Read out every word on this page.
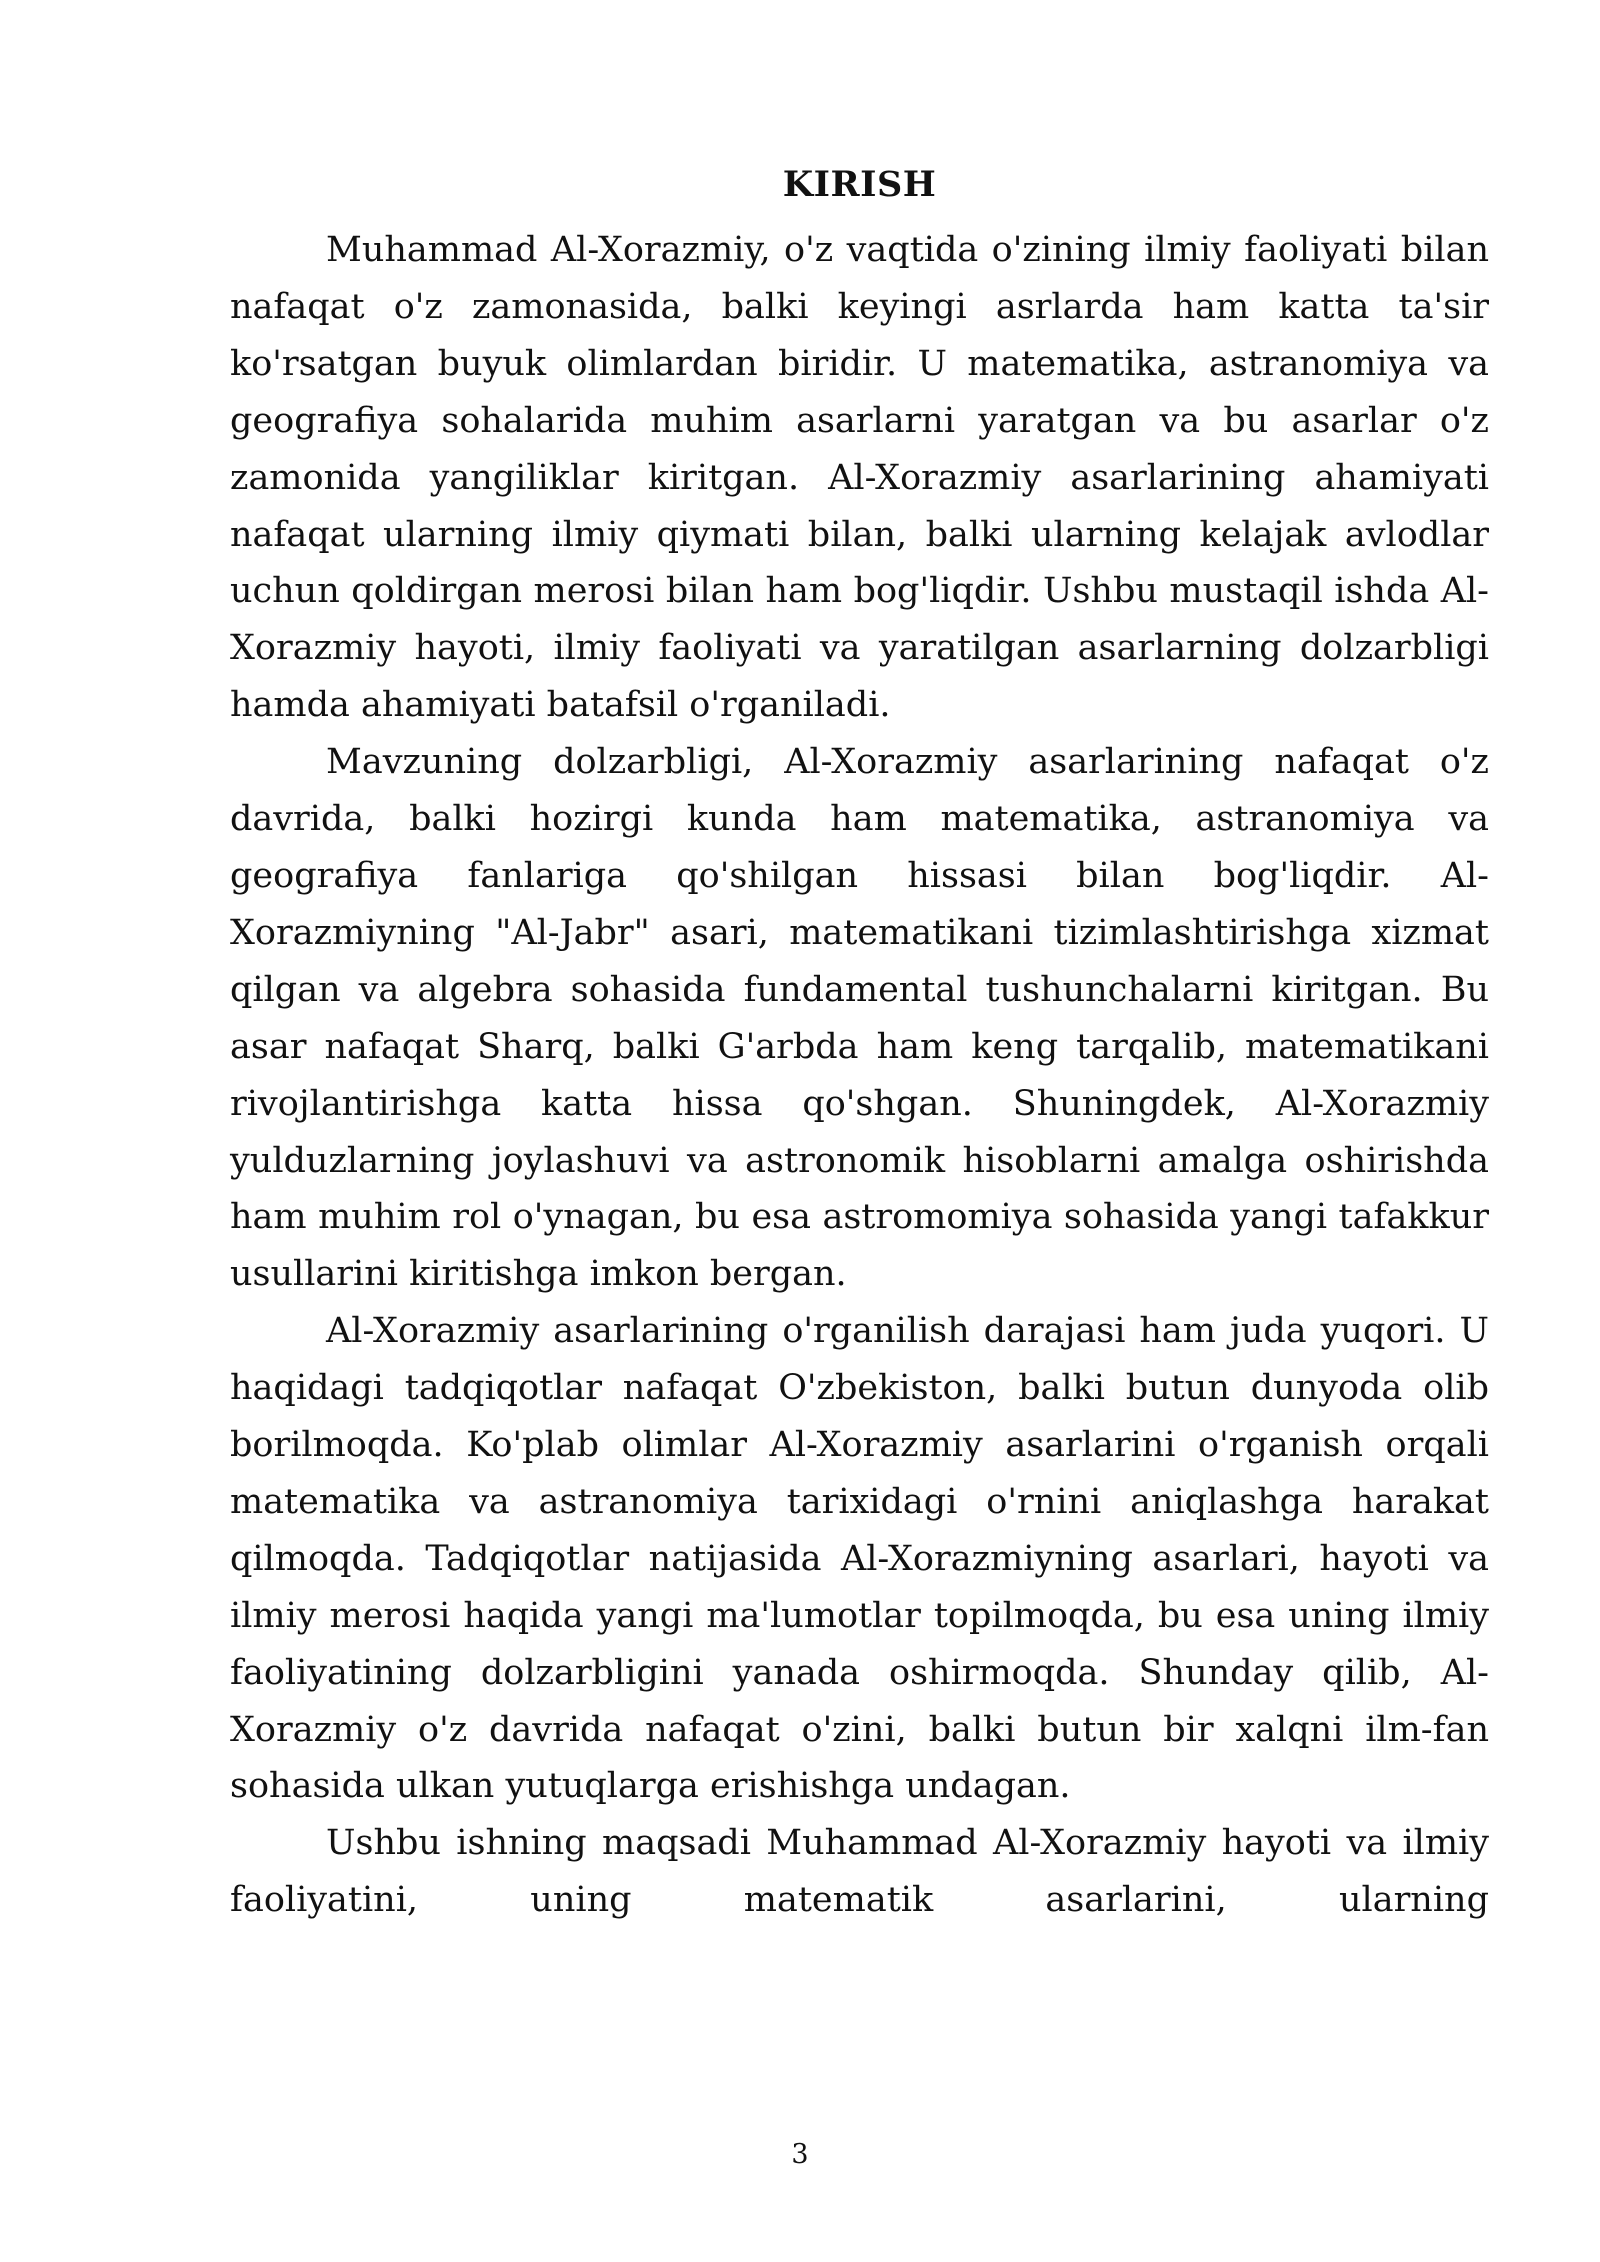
KIRISH

Muhammad Al-Xorazmiy, o'z vaqtida o'zining ilmiy faoliyati bilan nafaqat o'z zamonasida, balki keyingi asrlarda ham katta ta'sir ko'rsatgan buyuk olimlardan biridir. U matematika, astranomiya va geografiya sohalarida muhim asarlarni yaratgan va bu asarlar o'z zamonida yangiliklar kiritgan. Al-Xorazmiy asarlarining ahamiyati nafaqat ularning ilmiy qiymati bilan, balki ularning kelajak avlodlar uchun qoldirgan merosi bilan ham bog'liqdir. Ushbu mustaqil ishda Al-Xorazmiy hayoti, ilmiy faoliyati va yaratilgan asarlarning dolzarbligi hamda ahamiyati batafsil o'rganiladi.

Mavzuning dolzarbligi, Al-Xorazmiy asarlarining nafaqat o'z davrida, balki hozirgi kunda ham matematika, astranomiya va geografiya fanlariga qo'shilgan hissasi bilan bog'liqdir. Al-Xorazmiyning "Al-Jabr" asari, matematikani tizimlashtirishga xizmat qilgan va algebra sohasida fundamental tushunchalarni kiritgan. Bu asar nafaqat Sharq, balki G'arbda ham keng tarqalib, matematikani rivojlantirishga katta hissa qo'shgan. Shuningdek, Al-Xorazmiy yulduzlarning joylashuvi va astronomik hisoblarni amalga oshirishda ham muhim rol o'ynagan, bu esa astromomiya sohasida yangi tafakkur usullarini kiritishga imkon bergan.

Al-Xorazmiy asarlarining o'rganilish darajasi ham juda yuqori. U haqidagi tadqiqotlar nafaqat O'zbekiston, balki butun dunyoda olib borilmoqda. Ko'plab olimlar Al-Xorazmiy asarlarini o'rganish orqali matematika va astranomiya tarixidagi o'rnini aniqlashga harakat qilmoqda. Tadqiqotlar natijasida Al-Xorazmiyning asarlari, hayoti va ilmiy merosi haqida yangi ma'lumotlar topilmoqda, bu esa uning ilmiy faoliyatining dolzarbligini yanada oshirmoqda. Shunday qilib, Al-Xorazmiy o'z davrida nafaqat o'zini, balki butun bir xalqni ilm-fan sohasida ulkan yutuqlarga erishishga undagan.

Ushbu ishning maqsadi Muhammad Al-Xorazmiy hayoti va ilmiy faoliyatini, uning matematik asarlarini, ularning

3
